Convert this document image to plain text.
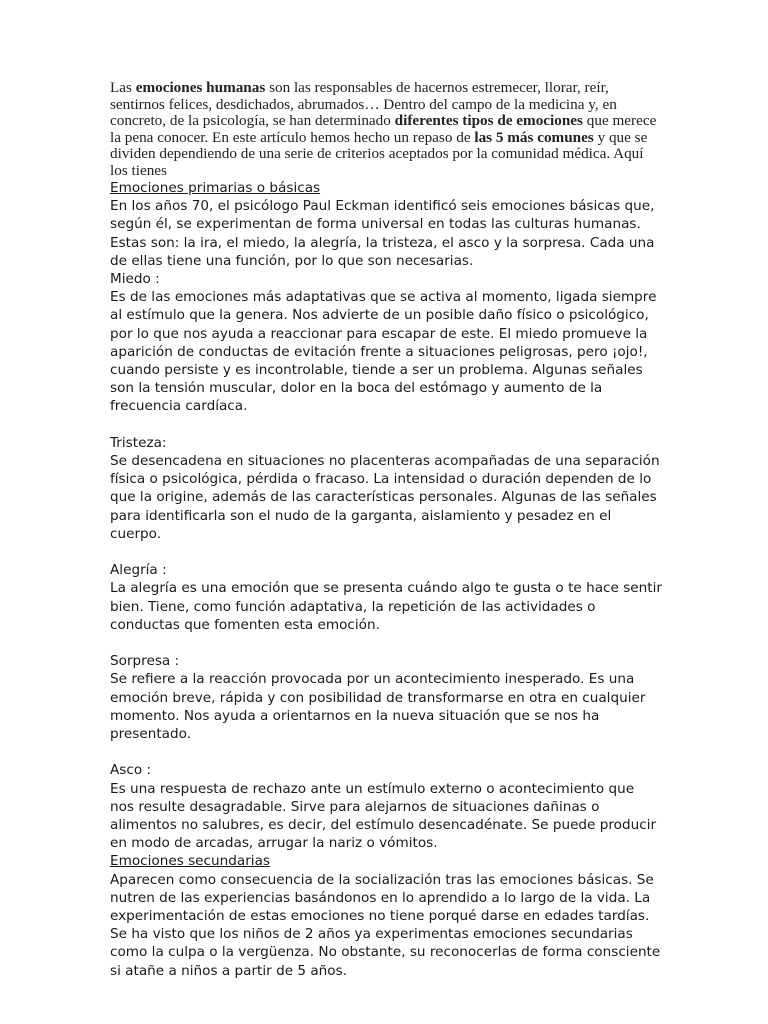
Las emociones humanas son las responsables de hacernos estremecer, llorar, reír, sentirnos felices, desdichados, abrumados… Dentro del campo de la medicina y, en concreto, de la psicología, se han determinado diferentes tipos de emociones que merece la pena conocer. En este artículo hemos hecho un repaso de las 5 más comunes y que se dividen dependiendo de una serie de criterios aceptados por la comunidad médica. Aquí los tienes

Emociones primarias o básicas

En los años 70, el psicólogo Paul Eckman identificó seis emociones básicas que, según él, se experimentan de forma universal en todas las culturas humanas. Estas son: la ira, el miedo, la alegría, la tristeza, el asco y la sorpresa. Cada una de ellas tiene una función, por lo que son necesarias.

Miedo :

Es de las emociones más adaptativas que se activa al momento, ligada siempre al estímulo que la genera. Nos advierte de un posible daño físico o psicológico, por lo que nos ayuda a reaccionar para escapar de este. El miedo promueve la aparición de conductas de evitación frente a situaciones peligrosas, pero ¡ojo!, cuando persiste y es incontrolable, tiende a ser un problema. Algunas señales son la tensión muscular, dolor en la boca del estómago y aumento de la frecuencia cardíaca.

Tristeza:

Se desencadena en situaciones no placenteras acompañadas de una separación física o psicológica, pérdida o fracaso. La intensidad o duración dependen de lo que la origine, además de las características personales. Algunas de las señales para identificarla son el nudo de la garganta, aislamiento y pesadez en el cuerpo.

Alegría :

La alegría es una emoción que se presenta cuándo algo te gusta o te hace sentir bien. Tiene, como función adaptativa, la repetición de las actividades o conductas que fomenten esta emoción.

Sorpresa :

Se refiere a la reacción provocada por un acontecimiento inesperado. Es una emoción breve, rápida y con posibilidad de transformarse en otra en cualquier momento. Nos ayuda a orientarnos en la nueva situación que se nos ha presentado.

Asco :

Es una respuesta de rechazo ante un estímulo externo o acontecimiento que nos resulte desagradable. Sirve para alejarnos de situaciones dañinas o alimentos no salubres, es decir, del estímulo desencadénate. Se puede producir en modo de arcadas, arrugar la nariz o vómitos.

Emociones secundarias

Aparecen como consecuencia de la socialización tras las emociones básicas. Se nutren de las experiencias basándonos en lo aprendido a lo largo de la vida. La experimentación de estas emociones no tiene porqué darse en edades tardías. Se ha visto que los niños de 2 años ya experimentas emociones secundarias como la culpa o la vergüenza. No obstante, su reconocerlas de forma consciente si atañe a niños a partir de 5 años.
